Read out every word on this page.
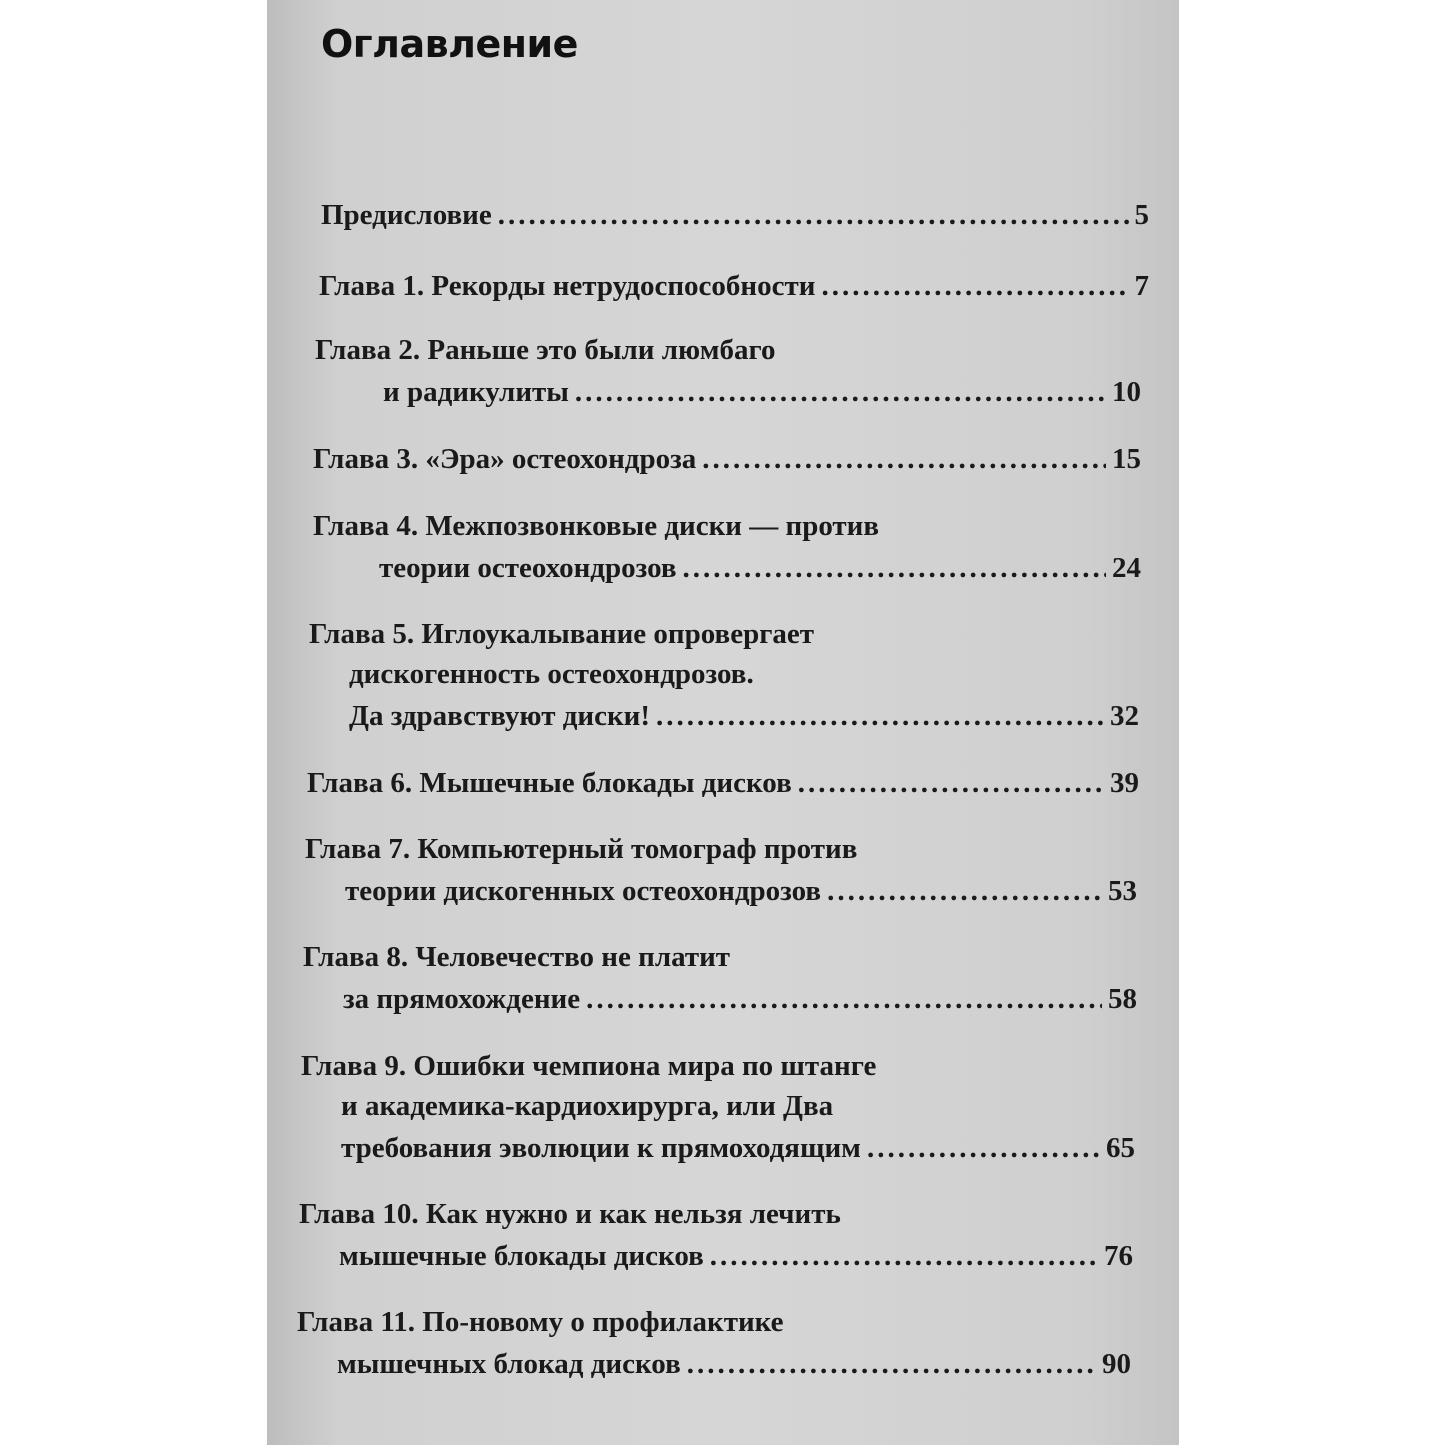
Оглавление
Предисловие .....	5
Глава 1. Рекорды нетрудоспособности .....	7
Глава 2. Раньше это были люмбаго
и радикулиты .....	10
Глава 3. «Эра» остеохондроза .....	15
Глава 4. Межпозвонковые диски — против
теории остеохондрозов .....	24
Глава 5. Иглоукалывание опровергает
дискогенность остеохондрозов.
Да здравствуют диски! .....	32
Глава 6. Мышечные блокады дисков .....	39
Глава 7. Компьютерный томограф против
теории дискогенных остеохондрозов .....	53
Глава 8. Человечество не платит
за прямохождение .....	58
Глава 9. Ошибки чемпиона мира по штанге
и академика-кардиохирурга, или Два
требования эволюции к прямоходящим .....	65
Глава 10. Как нужно и как нельзя лечить
мышечные блокады дисков .....	76
Глава 11. По-новому о профилактике
мышечных блокад дисков .....	90
